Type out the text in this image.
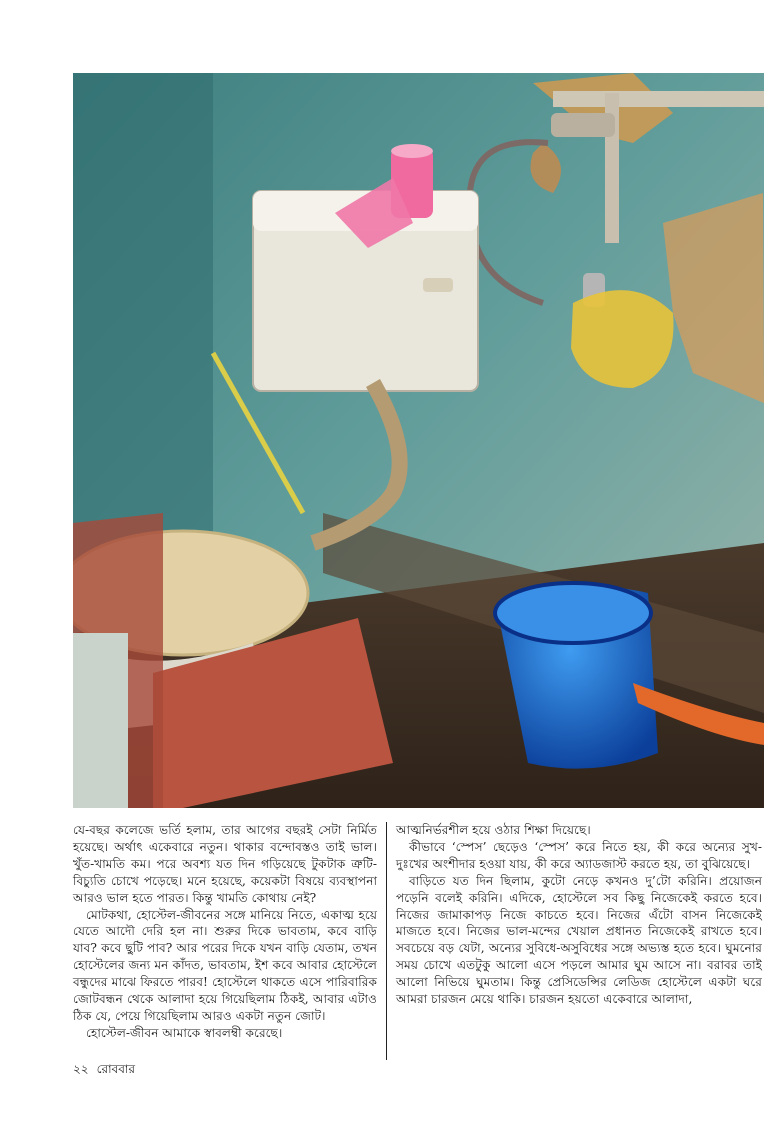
যে-বছর কলেজে ভর্তি হলাম, তার আগের বছরই সেটা নির্মিত হয়েছে। অর্থাৎ একেবারে নতুন। থাকার বন্দোবস্তও তাই ভাল। খুঁত-খামতি কম। পরে অবশ্য যত দিন গড়িয়েছে টুকটাক ত্রুটি-বিচ্যুতি চোখে পড়েছে। মনে হয়েছে, কয়েকটা বিষয়ে ব্যবস্থাপনা আরও ভাল হতে পারত। কিন্তু খামতি কোথায় নেই?

মোটকথা, হোস্টেল-জীবনের সঙ্গে মানিয়ে নিতে, একাত্ম হয়ে যেতে আদৌ দেরি হল না। শুরুর দিকে ভাবতাম, কবে বাড়ি যাব? কবে ছুটি পাব? আর পরের দিকে যখন বাড়ি যেতাম, তখন হোস্টেলের জন্য মন কাঁদত, ভাবতাম, ইশ কবে আবার হোস্টেলে বন্ধুদের মাঝে ফিরতে পারব! হোস্টেলে থাকতে এসে পারিবারিক জোটবন্ধন থেকে আলাদা হয়ে গিয়েছিলাম ঠিকই, আবার এটাও ঠিক যে, পেয়ে গিয়েছিলাম আরও একটা নতুন জোট।

হোস্টেল-জীবন আমাকে স্বাবলম্বী করেছে।

আত্মনির্ভরশীল হয়ে ওঠার শিক্ষা দিয়েছে।

কীভাবে ‘স্পেস’ ছেড়েও ‘স্পেস’ করে নিতে হয়, কী করে অন্যের সুখ-দুঃখের অংশীদার হওয়া যায়, কী করে অ্যাডজাস্ট করতে হয়, তা বুঝিয়েছে।

বাড়িতে যত দিন ছিলাম, কুটো নেড়ে কখনও দু’টো করিনি। প্রয়োজন পড়েনি বলেই করিনি। এদিকে, হোস্টেলে সব কিছু নিজেকেই করতে হবে। নিজের জামাকাপড় নিজে কাচতে হবে। নিজের এঁটো বাসন নিজেকেই মাজতে হবে। নিজের ভাল-মন্দের খেয়াল প্রধানত নিজেকেই রাখতে হবে। সবচেয়ে বড় যেটা, অন্যের সুবিধে-অসুবিধের সঙ্গে অভ্যস্ত হতে হবে। ঘুমনোর সময় চোখে এতটুকু আলো এসে পড়লে আমার ঘুম আসে না। বরাবর তাই আলো নিভিয়ে ঘুমতাম। কিন্তু প্রেসিডেন্সির লেডিজ হোস্টেলে একটা ঘরে আমরা চারজন মেয়ে থাকি। চারজন হয়তো একেবারে আলাদা,

২২ রোববার
